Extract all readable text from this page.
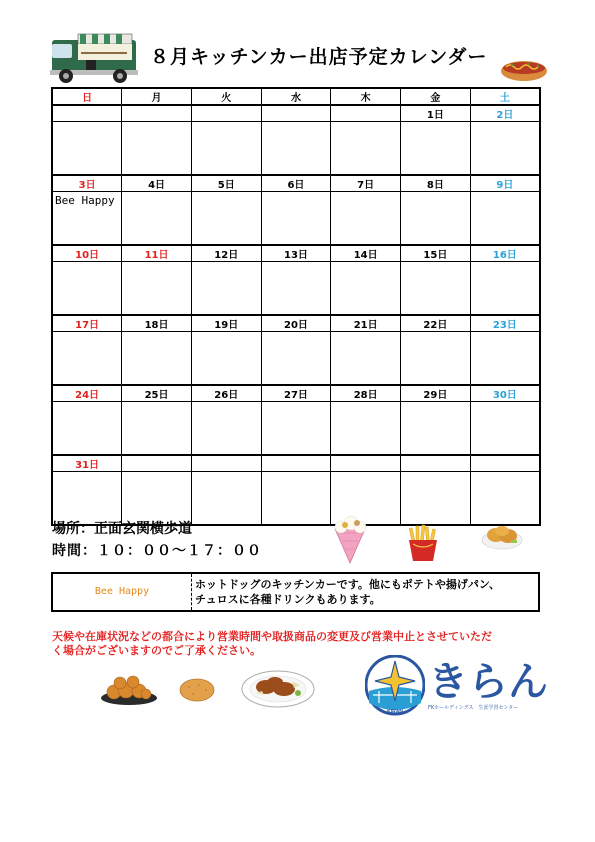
８月キッチンカー出店予定カレンダー
日	月	火	水	木	金	土
					1日	2日

3日	4日	5日	6日	7日	8日	9日

Bee Happy						

10日	11日	12日	13日	14日	15日	16日

17日	18日	19日	20日	21日	22日	23日

24日	25日	26日	27日	28日	29日	30日

31日						

場所：正面玄関横歩道
時間：１０：００～１７：００
Bee Happy
ホットドッグのキッチンカーです。他にもポテトや揚げパン、
チュロスに各種ドリンクもあります。
天候や在庫状況などの都合により営業時間や取扱商品の変更及び営業中止とさせていただ
く場合がございますのでご了承ください。
KIRAN
きらん
FKホールディングス　生涯学習センター
